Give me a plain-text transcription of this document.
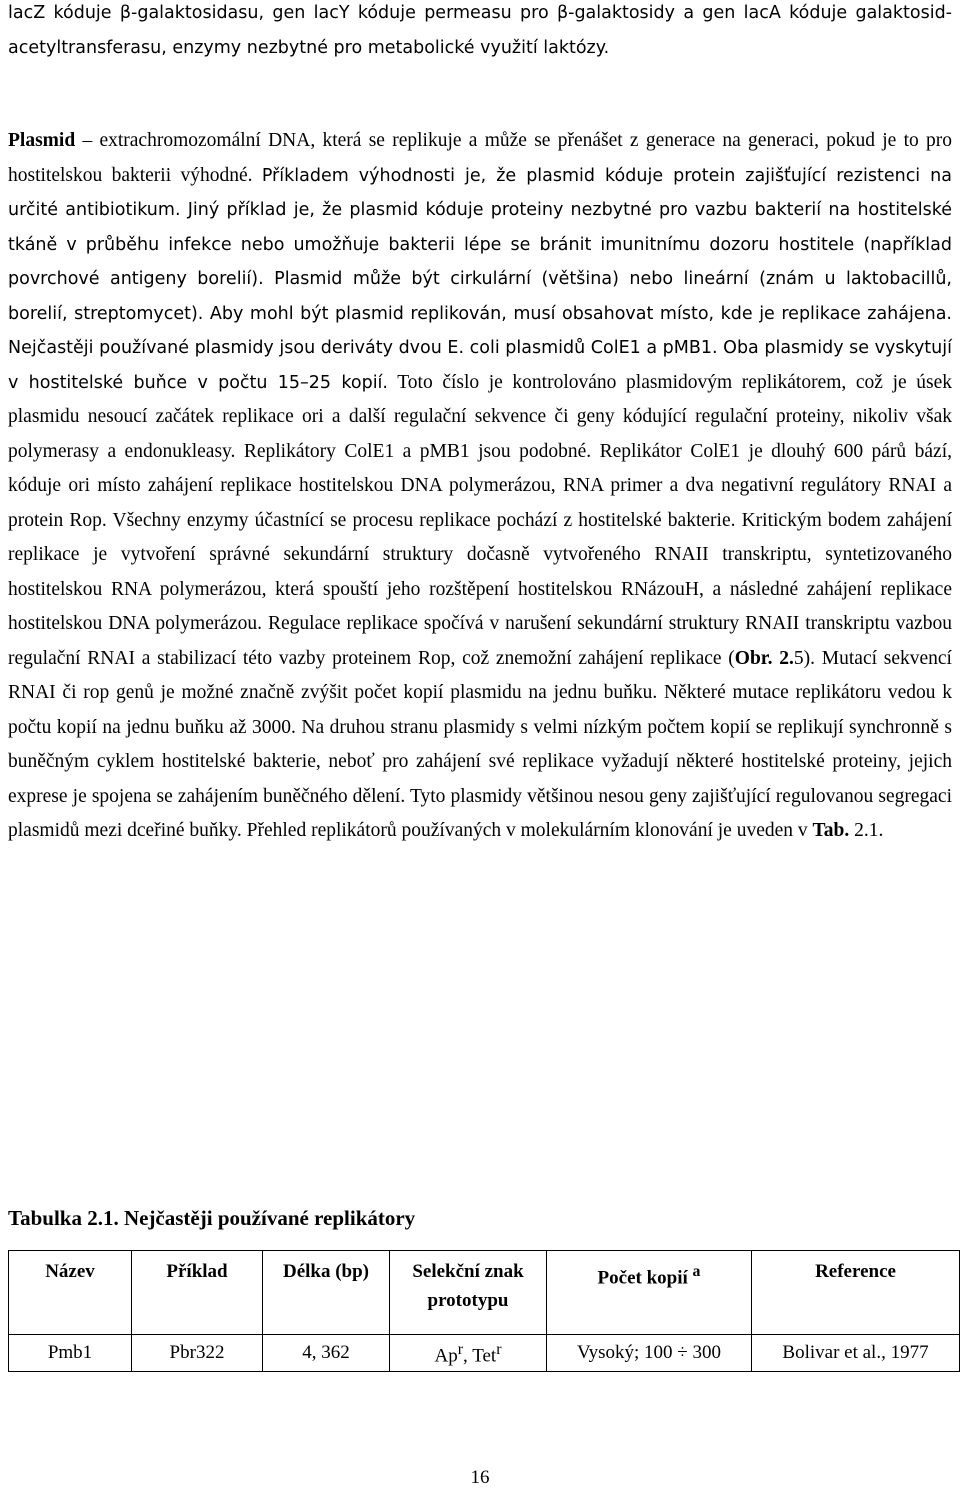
lacZ kóduje β-galaktosidasu, gen lacY kóduje permeasu pro β-galaktosidy a gen lacA kóduje galaktosid-acetyltransferasu, enzymy nezbytné pro metabolické využití laktózy.

Plasmid – extrachromozomální DNA, která se replikuje a může se přenášet z generace na generaci, pokud je to pro hostitelskou bakterii výhodné. Příkladem výhodnosti je, že plasmid kóduje protein zajišťující rezistenci na určité antibiotikum. Jiný příklad je, že plasmid kóduje proteiny nezbytné pro vazbu bakterií na hostitelské tkáně v průběhu infekce nebo umožňuje bakterii lépe se bránit imunitnímu dozoru hostitele (například povrchové antigeny borelií). Plasmid může být cirkulární (většina) nebo lineární (znám u laktobacillů, borelií, streptomycet). Aby mohl být plasmid replikován, musí obsahovat místo, kde je replikace zahájena. Nejčastěji používané plasmidy jsou deriváty dvou E. coli plasmidů ColE1 a pMB1. Oba plasmidy se vyskytují v hostitelské buňce v počtu 15–25 kopií. Toto číslo je kontrolováno plasmidovým replikátorem, což je úsek plasmidu nesoucí začátek replikace ori a další regulační sekvence či geny kódující regulační proteiny, nikoliv však polymerasy a endonukleasy. Replikátory ColE1 a pMB1 jsou podobné. Replikátor ColE1 je dlouhý 600 párů bází, kóduje ori místo zahájení replikace hostitelskou DNA polymerázou, RNA primer a dva negativní regulátory RNAI a protein Rop. Všechny enzymy účastnící se procesu replikace pochází z hostitelské bakterie. Kritickým bodem zahájení replikace je vytvoření správné sekundární struktury dočasně vytvořeného RNAII transkriptu, syntetizovaného hostitelskou RNA polymerázou, která spouští jeho rozštěpení hostitelskou RNázouH, a následné zahájení replikace hostitelskou DNA polymerázou. Regulace replikace spočívá v narušení sekundární struktury RNAII transkriptu vazbou regulační RNAI a stabilizací této vazby proteinem Rop, což znemožní zahájení replikace (Obr. 2.5). Mutací sekvencí RNAI či rop genů je možné značně zvýšit počet kopií plasmidu na jednu buňku. Některé mutace replikátoru vedou k počtu kopií na jednu buňku až 3000. Na druhou stranu plasmidy s velmi nízkým počtem kopií se replikují synchronně s buněčným cyklem hostitelské bakterie, neboť pro zahájení své replikace vyžadují některé hostitelské proteiny, jejich exprese je spojena se zahájením buněčného dělení. Tyto plasmidy většinou nesou geny zajišťující regulovanou segregaci plasmidů mezi dceřiné buňky. Přehled replikátorů používaných v molekulárním klonování je uveden v Tab. 2.1.

Tabulka 2.1. Nejčastěji používané replikátory

Název	Příklad	Délka (bp)	Selekční znak prototypu	Počet kopií $^a$	Reference
Pmb1	Pbr322	4, 362	Ap$^r$, Tet$^r$	Vysoký; 100 ÷ 300	Bolivar et al., 1977
16
